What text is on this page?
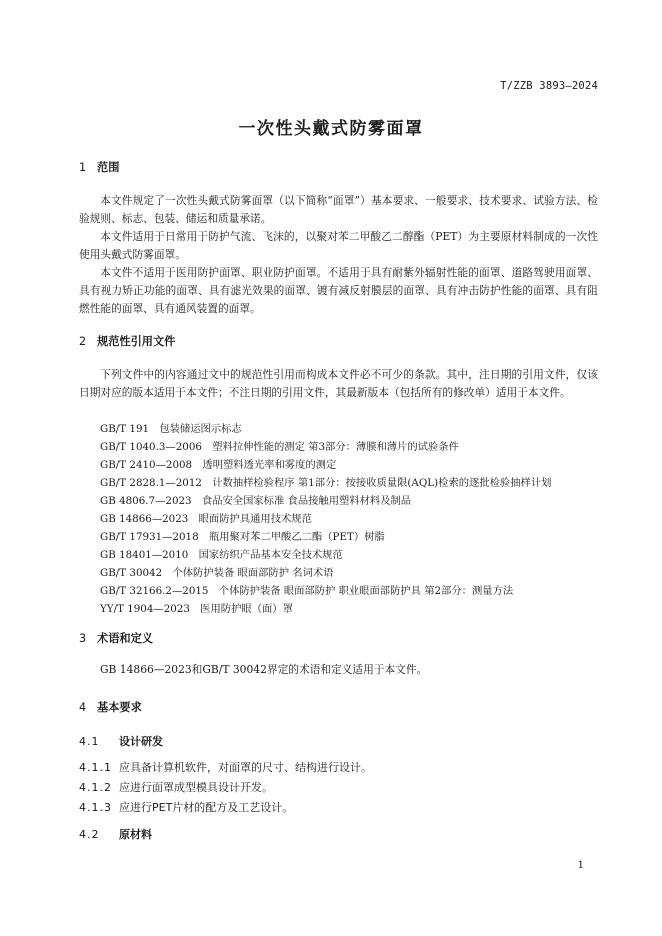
T/ZZB 3893—2024
一次性头戴式防雾面罩
1 范围
本文件规定了一次性头戴式防雾面罩（以下简称“面罩”）基本要求、一般要求、技术要求、试验方法、检验规则、标志、包装、储运和质量承诺。
本文件适用于日常用于防护气流、飞沫的，以聚对苯二甲酸乙二醇酯（PET）为主要原材料制成的一次性使用头戴式防雾面罩。
本文件不适用于医用防护面罩、职业防护面罩。不适用于具有耐紫外辐射性能的面罩、道路驾驶用面罩、具有视力矫正功能的面罩、具有滤光效果的面罩、镀有减反射膜层的面罩、具有冲击防护性能的面罩、具有阻燃性能的面罩、具有通风装置的面罩。
2 规范性引用文件
下列文件中的内容通过文中的规范性引用而构成本文件必不可少的条款。其中，注日期的引用文件，仅该日期对应的版本适用于本文件；不注日期的引用文件，其最新版本（包括所有的修改单）适用于本文件。
GB/T 191　包装储运图示标志
GB/T 1040.3—2006　塑料拉伸性能的测定 第3部分：薄膜和薄片的试验条件
GB/T 2410—2008　透明塑料透光率和雾度的测定
GB/T 2828.1—2012　计数抽样检验程序 第1部分：按接收质量限(AQL)检索的逐批检验抽样计划
GB 4806.7—2023　食品安全国家标准 食品接触用塑料材料及制品
GB 14866—2023　眼面防护具通用技术规范
GB/T 17931—2018　瓶用聚对苯二甲酸乙二酯（PET）树脂
GB 18401—2010　国家纺织产品基本安全技术规范
GB/T 30042　个体防护装备 眼面部防护 名词术语
GB/T 32166.2—2015　个体防护装备 眼面部防护 职业眼面部防护具 第2部分：测量方法
YY/T 1904—2023　医用防护眼（面）罩
3 术语和定义
GB 14866—2023和GB/T 30042界定的术语和定义适用于本文件。
4 基本要求
4.1 设计研发
4.1.1 应具备计算机软件，对面罩的尺寸、结构进行设计。
4.1.2 应进行面罩成型模具设计开发。
4.1.3 应进行PET片材的配方及工艺设计。
4.2 原材料
1
